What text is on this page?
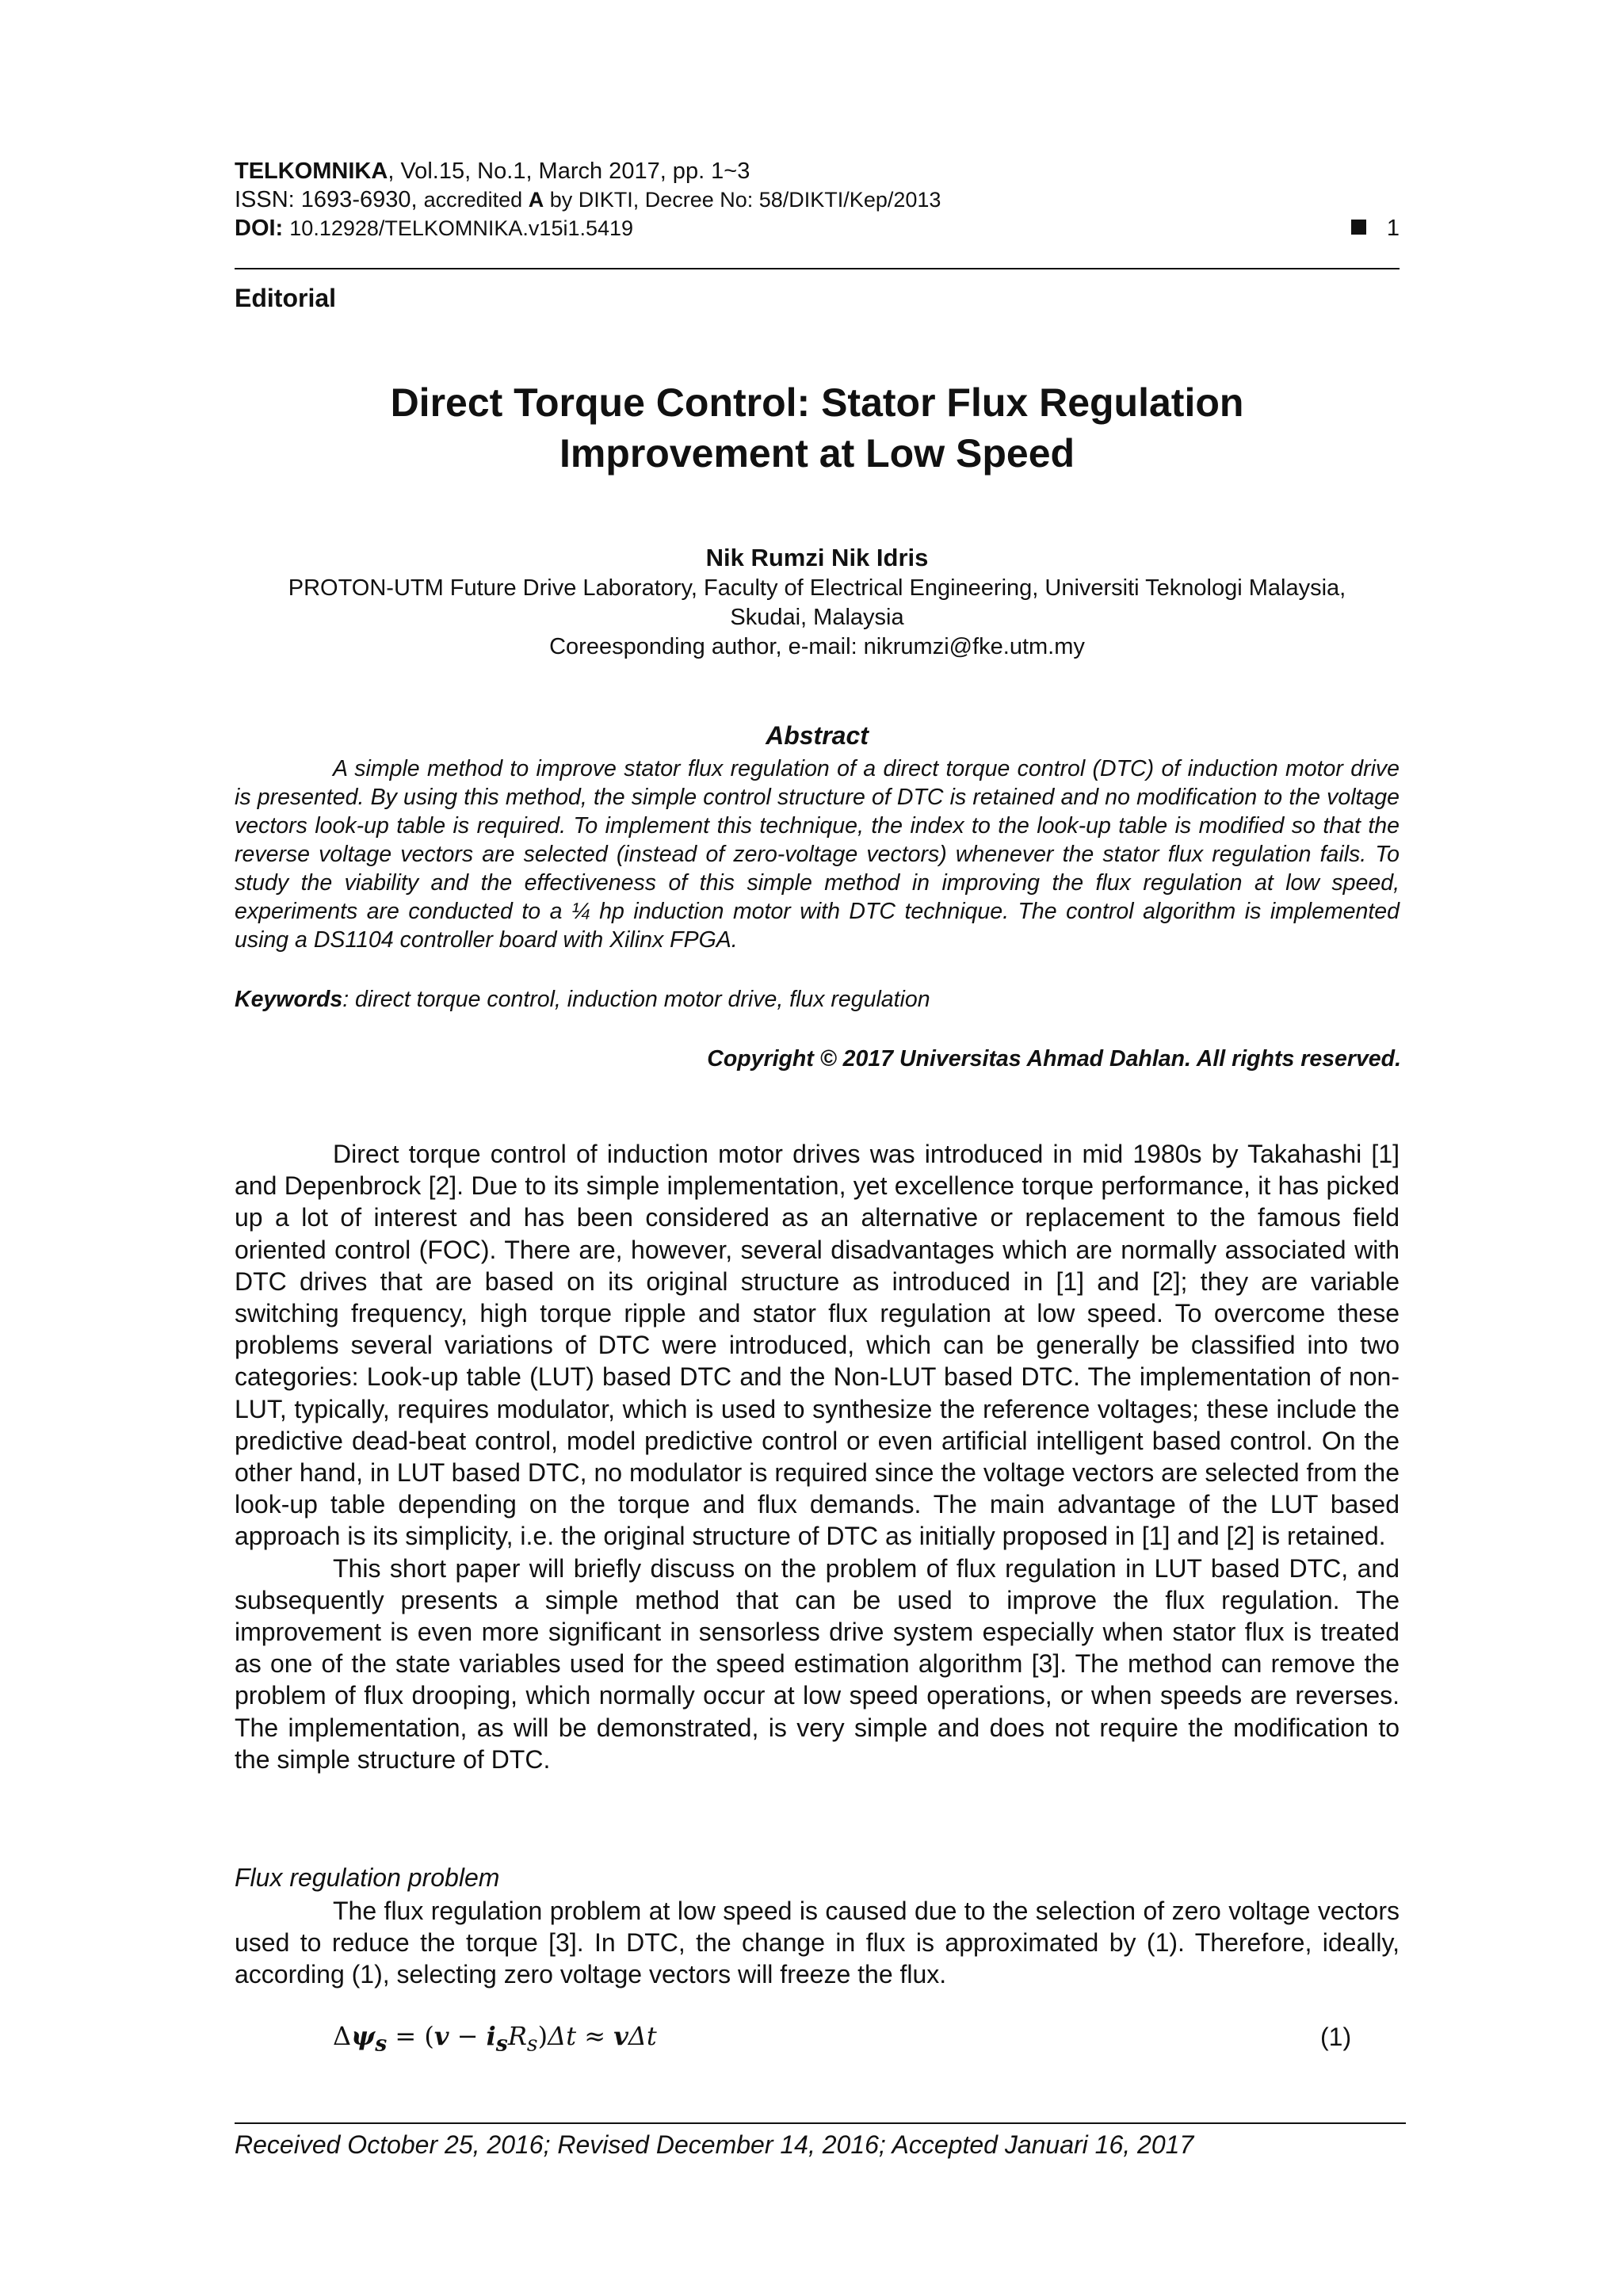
TELKOMNIKA, Vol.15, No.1, March 2017, pp. 1~3
ISSN: 1693-6930, accredited A by DIKTI, Decree No: 58/DIKTI/Kep/2013
DOI: 10.12928/TELKOMNIKA.v15i1.5419	1
Editorial
Direct Torque Control: Stator Flux Regulation
Improvement at Low Speed
Nik Rumzi Nik Idris
PROTON-UTM Future Drive Laboratory, Faculty of Electrical Engineering, Universiti Teknologi Malaysia,
Skudai, Malaysia
Coreesponding author, e-mail: nikrumzi@fke.utm.my
Abstract
A simple method to improve stator flux regulation of a direct torque control (DTC) of induction motor drive is presented. By using this method, the simple control structure of DTC is retained and no modification to the voltage vectors look-up table is required. To implement this technique, the index to the look-up table is modified so that the reverse voltage vectors are selected (instead of zero-voltage vectors) whenever the stator flux regulation fails. To study the viability and the effectiveness of this simple method in improving the flux regulation at low speed, experiments are conducted to a ¼ hp induction motor with DTC technique. The control algorithm is implemented using a DS1104 controller board with Xilinx FPGA.
Keywords: direct torque control, induction motor drive, flux regulation
Copyright © 2017 Universitas Ahmad Dahlan. All rights reserved.

Direct torque control of induction motor drives was introduced in mid 1980s by Takahashi [1] and Depenbrock [2]. Due to its simple implementation, yet excellence torque performance, it has picked up a lot of interest and has been considered as an alternative or replacement to the famous field oriented control (FOC). There are, however, several disadvantages which are normally associated with DTC drives that are based on its original structure as introduced in [1] and [2]; they are variable switching frequency, high torque ripple and stator flux regulation at low speed. To overcome these problems several variations of DTC were introduced, which can be generally be classified into two categories: Look-up table (LUT) based DTC and the Non-LUT based DTC. The implementation of non-LUT, typically, requires modulator, which is used to synthesize the reference voltages; these include the predictive dead-beat control, model predictive control or even artificial intelligent based control. On the other hand, in LUT based DTC, no modulator is required since the voltage vectors are selected from the look-up table depending on the torque and flux demands. The main advantage of the LUT based approach is its simplicity, i.e. the original structure of DTC as initially proposed in [1] and [2] is retained.

This short paper will briefly discuss on the problem of flux regulation in LUT based DTC, and subsequently presents a simple method that can be used to improve the flux regulation. The improvement is even more significant in sensorless drive system especially when stator flux is treated as one of the state variables used for the speed estimation algorithm [3]. The method can remove the problem of flux drooping, which normally occur at low speed operations, or when speeds are reverses. The implementation, as will be demonstrated, is very simple and does not require the modification to the simple structure of DTC.

Flux regulation problem

The flux regulation problem at low speed is caused due to the selection of zero voltage vectors used to reduce the torque [3]. In DTC, the change in flux is approximated by (1). Therefore, ideally, according (1), selecting zero voltage vectors will freeze the flux.

$\Delta\psi_s = (v - i_sR_s)\Delta t \approx v\Delta t$	(1)
Received October 25, 2016; Revised December 14, 2016; Accepted Januari 16, 2017
